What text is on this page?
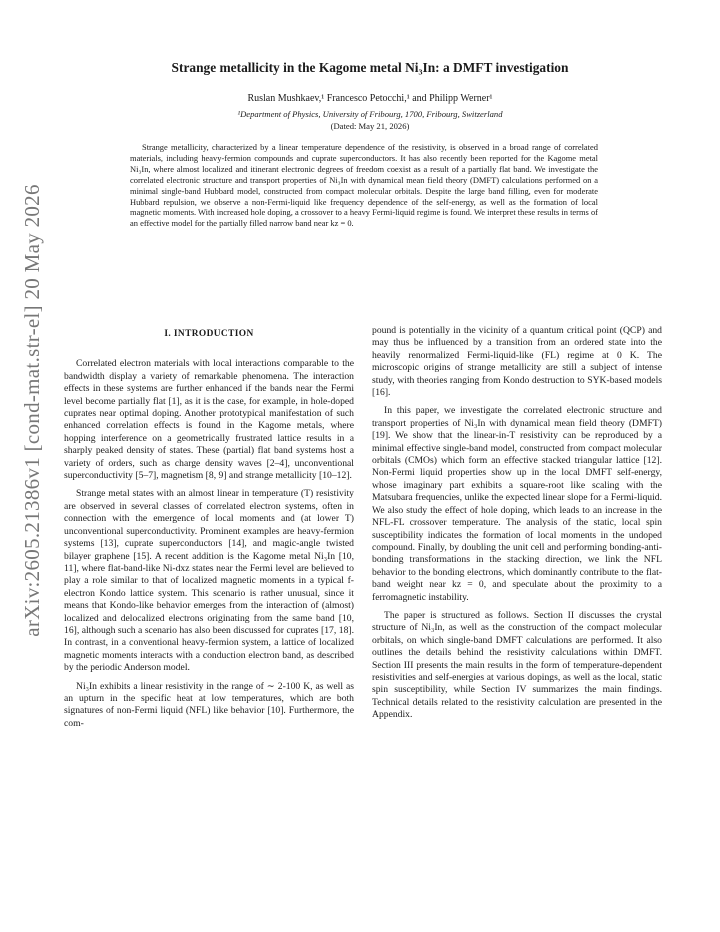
arXiv:2605.21386v1 [cond-mat.str-el] 20 May 2026
Strange metallicity in the Kagome metal Ni₃In: a DMFT investigation
Ruslan Mushkaev,¹ Francesco Petocchi,¹ and Philipp Werner¹
¹Department of Physics, University of Fribourg, 1700, Fribourg, Switzerland
(Dated: May 21, 2026)
Strange metallicity, characterized by a linear temperature dependence of the resistivity, is observed in a broad range of correlated materials, including heavy-fermion compounds and cuprate superconductors. It has also recently been reported for the Kagome metal Ni₃In, where almost localized and itinerant electronic degrees of freedom coexist as a result of a partially flat band. We investigate the correlated electronic structure and transport properties of Ni₃In with dynamical mean field theory (DMFT) calculations performed on a minimal single-band Hubbard model, constructed from compact molecular orbitals. Despite the large band filling, even for moderate Hubbard repulsion, we observe a non-Fermi-liquid like frequency dependence of the self-energy, as well as the formation of local magnetic moments. With increased hole doping, a crossover to a heavy Fermi-liquid regime is found. We interpret these results in terms of an effective model for the partially filled narrow band near kz = 0.
I. INTRODUCTION

Correlated electron materials with local interactions comparable to the bandwidth display a variety of remarkable phenomena. The interaction effects in these systems are further enhanced if the bands near the Fermi level become partially flat [1], as it is the case, for example, in hole-doped cuprates near optimal doping. Another prototypical manifestation of such enhanced correlation effects is found in the Kagome metals, where hopping interference on a geometrically frustrated lattice results in a sharply peaked density of states. These (partial) flat band systems host a variety of orders, such as charge density waves [2–4], unconventional superconductivity [5–7], magnetism [8, 9] and strange metallicity [10–12].

Strange metal states with an almost linear in temperature (T) resistivity are observed in several classes of correlated electron systems, often in connection with the emergence of local moments and (at lower T) unconventional superconductivity. Prominent examples are heavy-fermion systems [13], cuprate superconductors [14], and magic-angle twisted bilayer graphene [15]. A recent addition is the Kagome metal Ni₃In [10, 11], where flat-band-like Ni-dxz states near the Fermi level are believed to play a role similar to that of localized magnetic moments in a typical f-electron Kondo lattice system. This scenario is rather unusual, since it means that Kondo-like behavior emerges from the interaction of (almost) localized and delocalized electrons originating from the same band [10, 16], although such a scenario has also been discussed for cuprates [17, 18]. In contrast, in a conventional heavy-fermion system, a lattice of localized magnetic moments interacts with a conduction electron band, as described by the periodic Anderson model.

Ni₃In exhibits a linear resistivity in the range of ∼ 2-100 K, as well as an upturn in the specific heat at low temperatures, which are both signatures of non-Fermi liquid (NFL) like behavior [10]. Furthermore, the com-

pound is potentially in the vicinity of a quantum critical point (QCP) and may thus be influenced by a transition from an ordered state into the heavily renormalized Fermi-liquid-like (FL) regime at 0 K. The microscopic origins of strange metallicity are still a subject of intense study, with theories ranging from Kondo destruction to SYK-based models [16].

In this paper, we investigate the correlated electronic structure and transport properties of Ni₃In with dynamical mean field theory (DMFT) [19]. We show that the linear-in-T resistivity can be reproduced by a minimal effective single-band model, constructed from compact molecular orbitals (CMOs) which form an effective stacked triangular lattice [12]. Non-Fermi liquid properties show up in the local DMFT self-energy, whose imaginary part exhibits a square-root like scaling with the Matsubara frequencies, unlike the expected linear slope for a Fermi-liquid. We also study the effect of hole doping, which leads to an increase in the NFL-FL crossover temperature. The analysis of the static, local spin susceptibility indicates the formation of local moments in the undoped compound. Finally, by doubling the unit cell and performing bonding-anti-bonding transformations in the stacking direction, we link the NFL behavior to the bonding electrons, which dominantly contribute to the flat-band weight near kz = 0, and speculate about the proximity to a ferromagnetic instability.

The paper is structured as follows. Section II discusses the crystal structure of Ni₃In, as well as the construction of the compact molecular orbitals, on which single-band DMFT calculations are performed. It also outlines the details behind the resistivity calculations within DMFT. Section III presents the main results in the form of temperature-dependent resistivities and self-energies at various dopings, as well as the local, static spin susceptibility, while Section IV summarizes the main findings. Technical details related to the resistivity calculation are presented in the Appendix.
